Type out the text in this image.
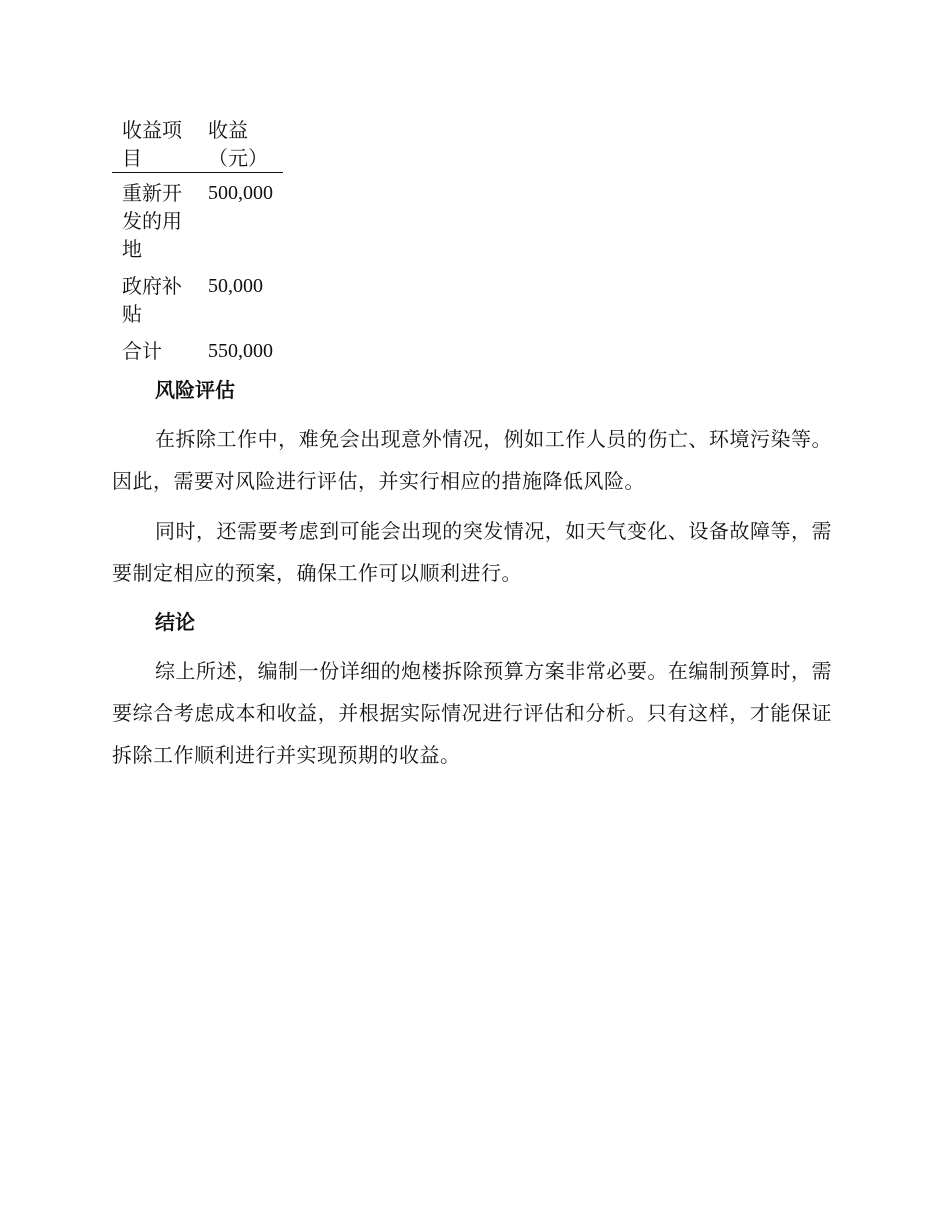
收益项目	收益（元）

重新开发的用地	500,000

政府补贴	50,000

合计	550,000
风险评估

在拆除工作中，难免会出现意外情况，例如工作人员的伤亡、环境污染等。因此，需要对风险进行评估，并实行相应的措施降低风险。

同时，还需要考虑到可能会出现的突发情况，如天气变化、设备故障等，需要制定相应的预案，确保工作可以顺利进行。

结论

综上所述，编制一份详细的炮楼拆除预算方案非常必要。在编制预算时，需要综合考虑成本和收益，并根据实际情况进行评估和分析。只有这样，才能保证拆除工作顺利进行并实现预期的收益。
